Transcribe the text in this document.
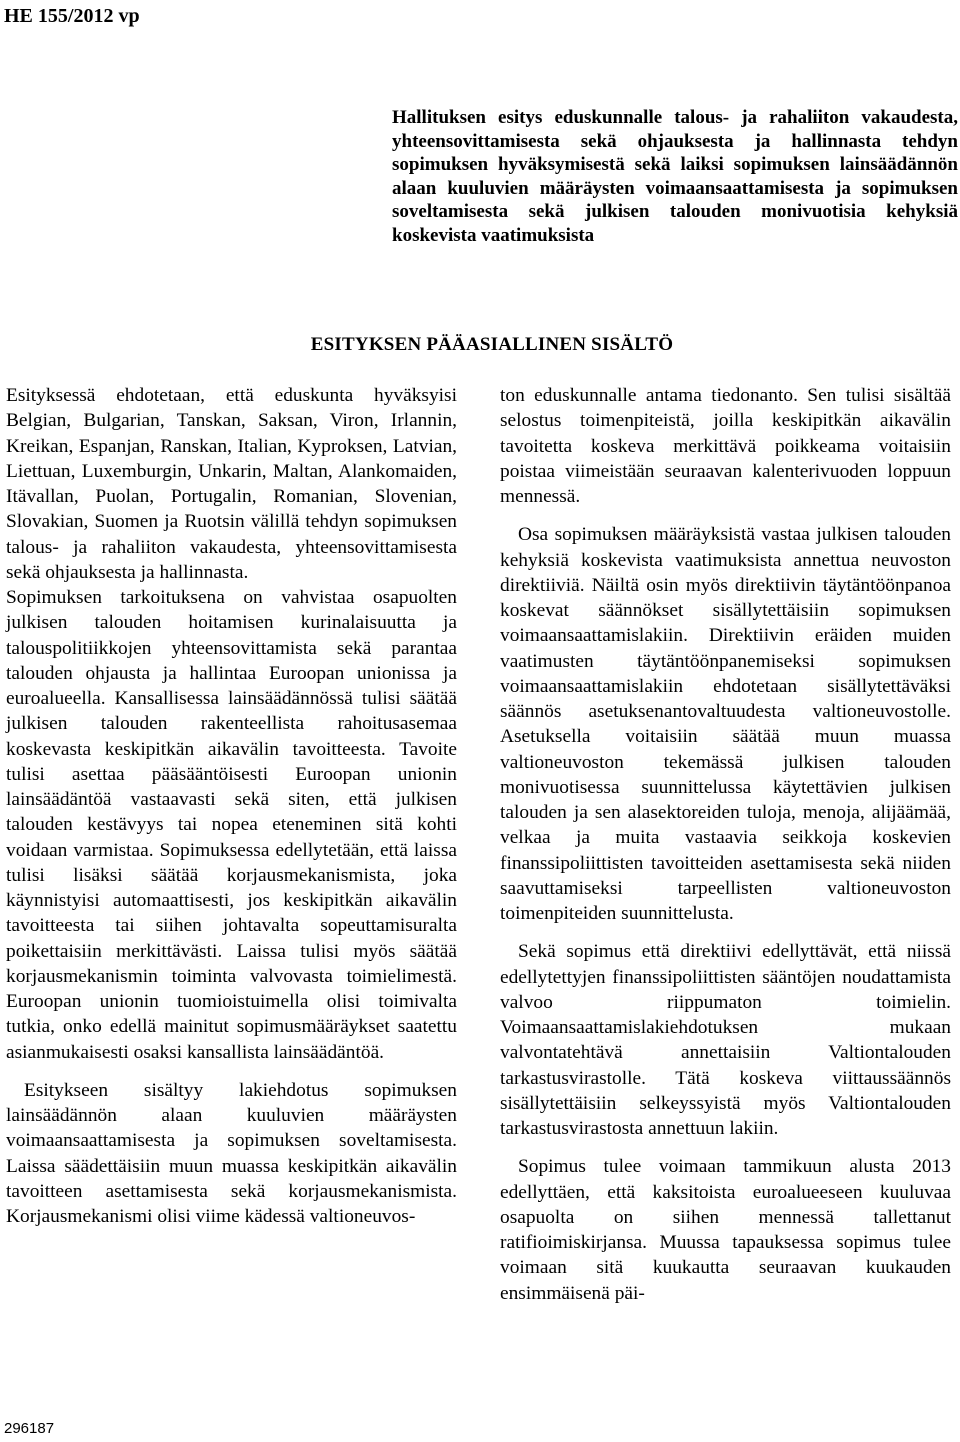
HE 155/2012 vp
Hallituksen esitys eduskunnalle talous- ja rahaliiton vakaudesta, yhteensovittamisesta sekä ohjauksesta ja hallinnasta tehdyn sopimuksen hyväksymisestä sekä laiksi sopimuksen lainsäädännön alaan kuuluvien määräysten voimaansaattamisesta ja sopimuksen soveltamisesta sekä julkisen talouden monivuotisia kehyksiä koskevista vaatimuksista
ESITYKSEN PÄÄASIALLINEN SISÄLTÖ

Esityksessä ehdotetaan, että eduskunta hyväksyisi Belgian, Bulgarian, Tanskan, Saksan, Viron, Irlannin, Kreikan, Espanjan, Ranskan, Italian, Kyproksen, Latvian, Liettuan, Luxemburgin, Unkarin, Maltan, Alankomaiden, Itävallan, Puolan, Portugalin, Romanian, Slovenian, Slovakian, Suomen ja Ruotsin välillä tehdyn sopimuksen talous- ja rahaliiton vakaudesta, yhteensovittamisesta sekä ohjauksesta ja hallinnasta.

Sopimuksen tarkoituksena on vahvistaa osapuolten julkisen talouden hoitamisen kurinalaisuutta ja talouspolitiikkojen yhteensovittamista sekä parantaa talouden ohjausta ja hallintaa Euroopan unionissa ja euroalueella. Kansallisessa lainsäädännössä tulisi säätää julkisen talouden rakenteellista rahoitusasemaa koskevasta keskipitkän aikavälin tavoitteesta. Tavoite tulisi asettaa pääsääntöisesti Euroopan unionin lainsäädäntöä vastaavasti sekä siten, että julkisen talouden kestävyys tai nopea eteneminen sitä kohti voidaan varmistaa. Sopimuksessa edellytetään, että laissa tulisi lisäksi säätää korjausmekanismista, joka käynnistyisi automaattisesti, jos keskipitkän aikavälin tavoitteesta tai siihen johtavalta sopeuttamisuralta poikettaisiin merkittävästi. Laissa tulisi myös säätää korjausmekanismin toiminta valvovasta toimielimestä. Euroopan unionin tuomioistuimella olisi toimivalta tutkia, onko edellä mainitut sopimusmääräykset saatettu asianmukaisesti osaksi kansallista lainsäädäntöä.

Esitykseen sisältyy lakiehdotus sopimuksen lainsäädännön alaan kuuluvien määräysten voimaansaattamisesta ja sopimuksen soveltamisesta. Laissa säädettäisiin muun muassa keskipitkän aikavälin tavoitteen asettamisesta sekä korjausmekanismista. Korjausmekanismi olisi viime kädessä valtioneuvos-

ton eduskunnalle antama tiedonanto. Sen tulisi sisältää selostus toimenpiteistä, joilla keskipitkän aikavälin tavoitetta koskeva merkittävä poikkeama voitaisiin poistaa viimeistään seuraavan kalenterivuoden loppuun mennessä.

Osa sopimuksen määräyksistä vastaa julkisen talouden kehyksiä koskevista vaatimuksista annettua neuvoston direktiiviä. Näiltä osin myös direktiivin täytäntöönpanoa koskevat säännökset sisällytettäisiin sopimuksen voimaansaattamislakiin. Direktiivin eräiden muiden vaatimusten täytäntöönpanemiseksi sopimuksen voimaansaattamislakiin ehdotetaan sisällytettäväksi säännös asetuksenantovaltuudesta valtioneuvostolle. Asetuksella voitaisiin säätää muun muassa valtioneuvoston tekemässä julkisen talouden monivuotisessa suunnittelussa käytettävien julkisen talouden ja sen alasektoreiden tuloja, menoja, alijäämää, velkaa ja muita vastaavia seikkoja koskevien finanssipoliittisten tavoitteiden asettamisesta sekä niiden saavuttamiseksi tarpeellisten valtioneuvoston toimenpiteiden suunnittelusta.

Sekä sopimus että direktiivi edellyttävät, että niissä edellytettyjen finanssipoliittisten sääntöjen noudattamista valvoo riippumaton toimielin. Voimaansaattamislakiehdotuksen mukaan valvontatehtävä annettaisiin Valtiontalouden tarkastusvirastolle. Tätä koskeva viittaussäännös sisällytettäisiin selkeyssyistä myös Valtiontalouden tarkastusvirastosta annettuun lakiin.

Sopimus tulee voimaan tammikuun alusta 2013 edellyttäen, että kaksitoista euroalueeseen kuuluvaa osapuolta on siihen mennessä tallettanut ratifioimiskirjansa. Muussa tapauksessa sopimus tulee voimaan sitä kuukautta seuraavan kuukauden ensimmäisenä päi-

296187
